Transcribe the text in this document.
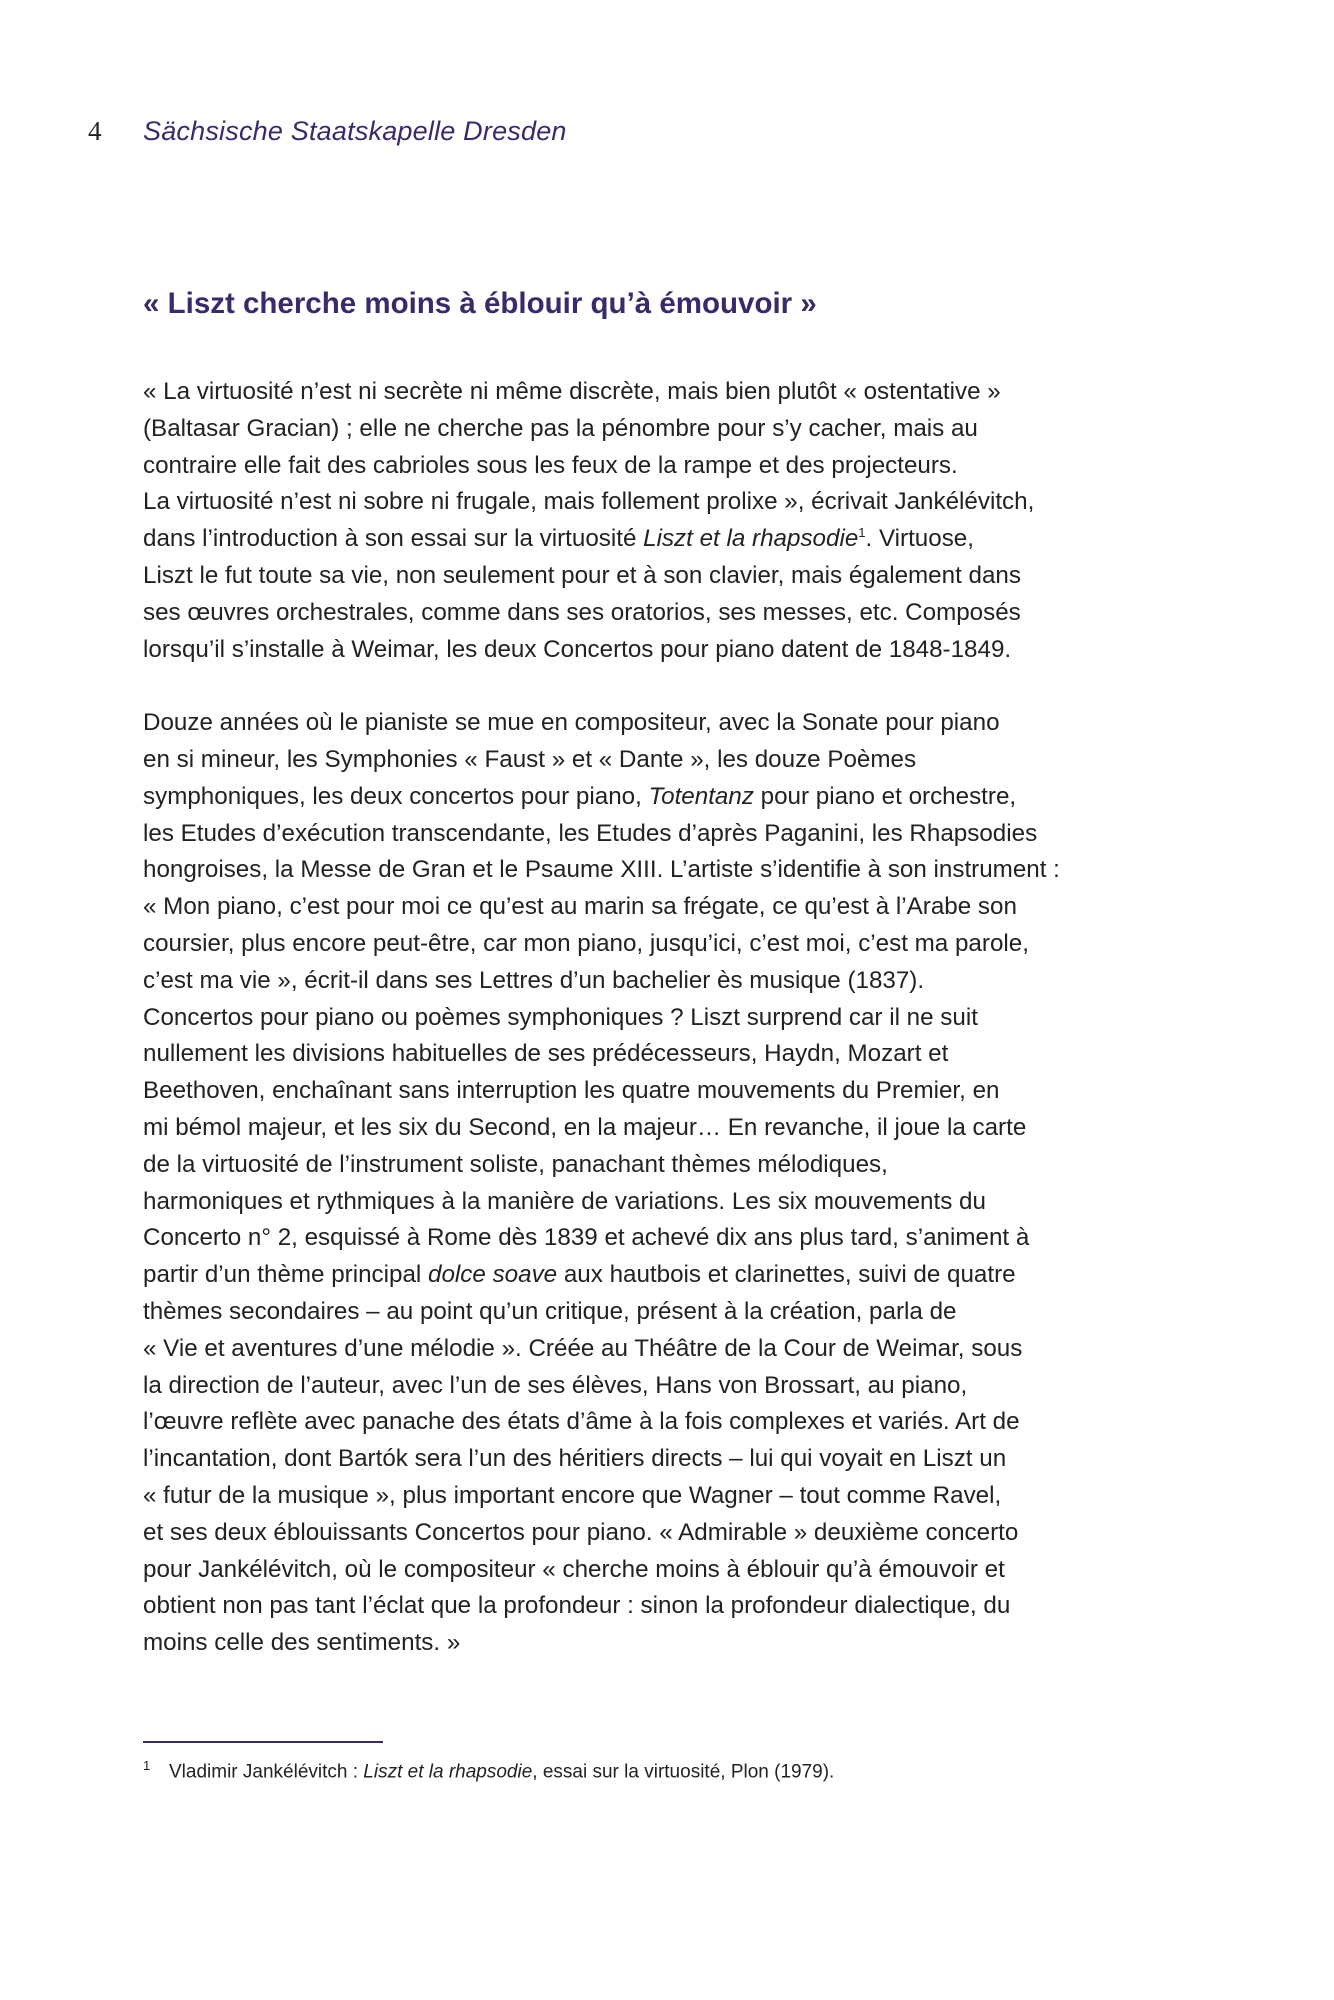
4	Sächsische Staatskapelle Dresden
« Liszt cherche moins à éblouir qu’à émouvoir »

« La virtuosité n’est ni secrète ni même discrète, mais bien plutôt « ostentative »
(Baltasar Gracian) ; elle ne cherche pas la pénombre pour s’y cacher, mais au
contraire elle fait des cabrioles sous les feux de la rampe et des projecteurs.
La virtuosité n’est ni sobre ni frugale, mais follement prolixe », écrivait Jankélévitch,
dans l’introduction à son essai sur la virtuosité Liszt et la rhapsodie$^1$. Virtuose,
Liszt le fut toute sa vie, non seulement pour et à son clavier, mais également dans
ses œuvres orchestrales, comme dans ses oratorios, ses messes, etc. Composés
lorsqu’il s’installe à Weimar, les deux Concertos pour piano datent de 1848-1849.

Douze années où le pianiste se mue en compositeur, avec la Sonate pour piano
en si mineur, les Symphonies « Faust » et « Dante », les douze Poèmes
symphoniques, les deux concertos pour piano, Totentanz pour piano et orchestre,
les Etudes d’exécution transcendante, les Etudes d’après Paganini, les Rhapsodies
hongroises, la Messe de Gran et le Psaume XIII. L’artiste s’identifie à son instrument :
« Mon piano, c’est pour moi ce qu’est au marin sa frégate, ce qu’est à l’Arabe son
coursier, plus encore peut-être, car mon piano, jusqu’ici, c’est moi, c’est ma parole,
c’est ma vie », écrit-il dans ses Lettres d’un bachelier ès musique (1837).
Concertos pour piano ou poèmes symphoniques ? Liszt surprend car il ne suit
nullement les divisions habituelles de ses prédécesseurs, Haydn, Mozart et
Beethoven, enchaînant sans interruption les quatre mouvements du Premier, en
mi bémol majeur, et les six du Second, en la majeur… En revanche, il joue la carte
de la virtuosité de l’instrument soliste, panachant thèmes mélodiques,
harmoniques et rythmiques à la manière de variations. Les six mouvements du
Concerto n° 2, esquissé à Rome dès 1839 et achevé dix ans plus tard, s’animent à
partir d’un thème principal dolce soave aux hautbois et clarinettes, suivi de quatre
thèmes secondaires – au point qu’un critique, présent à la création, parla de
« Vie et aventures d’une mélodie ». Créée au Théâtre de la Cour de Weimar, sous
la direction de l’auteur, avec l’un de ses élèves, Hans von Brossart, au piano,
l’œuvre reflète avec panache des états d’âme à la fois complexes et variés. Art de
l’incantation, dont Bartók sera l’un des héritiers directs – lui qui voyait en Liszt un
« futur de la musique », plus important encore que Wagner – tout comme Ravel,
et ses deux éblouissants Concertos pour piano. « Admirable » deuxième concerto
pour Jankélévitch, où le compositeur « cherche moins à éblouir qu’à émouvoir et
obtient non pas tant l’éclat que la profondeur : sinon la profondeur dialectique, du
moins celle des sentiments. »

1 Vladimir Jankélévitch : Liszt et la rhapsodie, essai sur la virtuosité, Plon (1979).
